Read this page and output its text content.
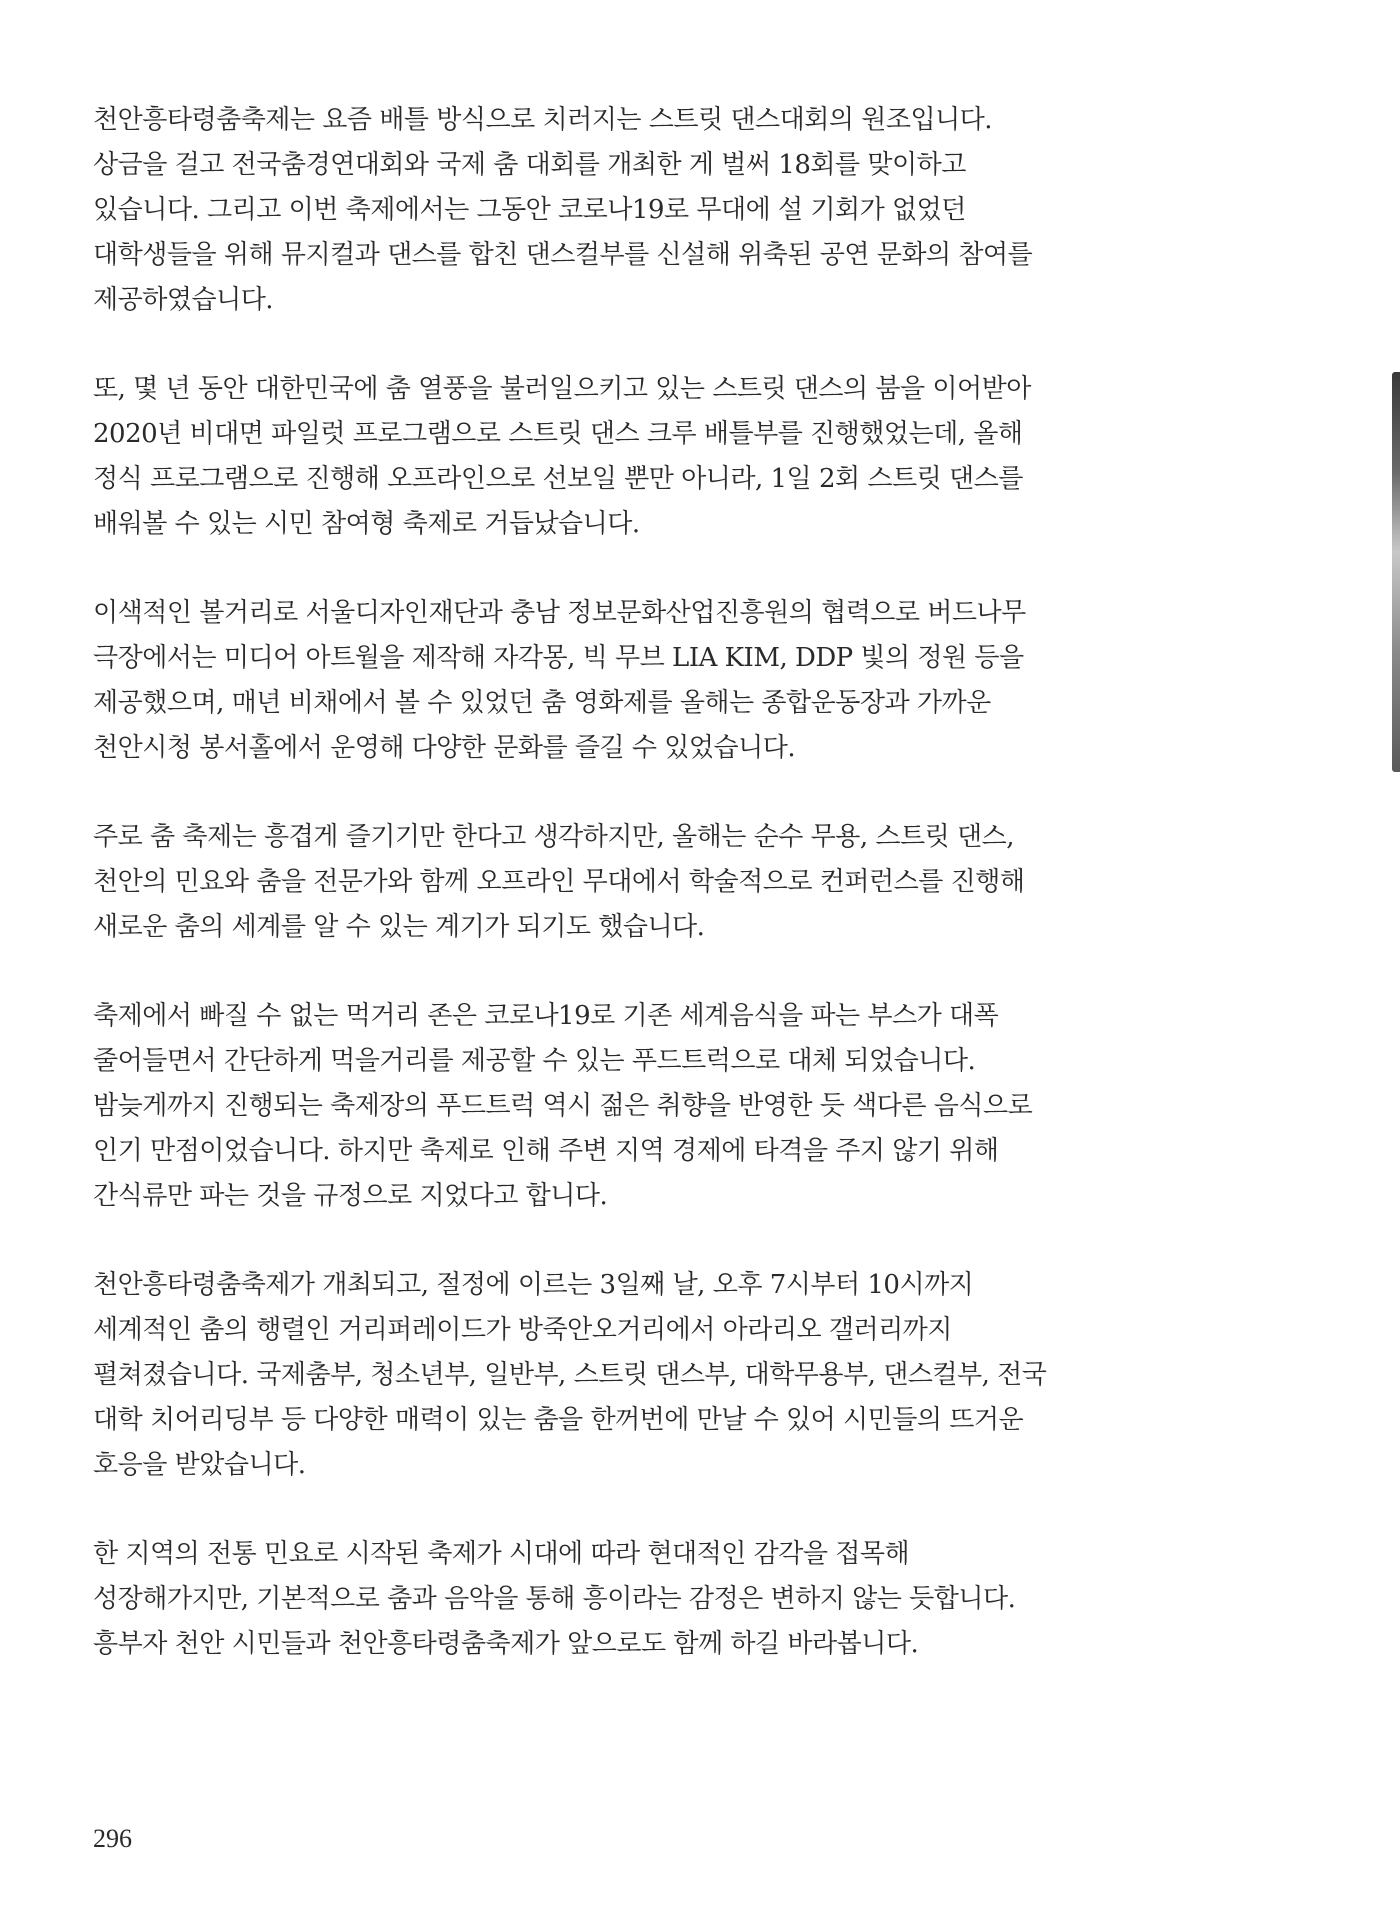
천안흥타령춤축제는 요즘 배틀 방식으로 치러지는 스트릿 댄스대회의 원조입니다.
상금을 걸고 전국춤경연대회와 국제 춤 대회를 개최한 게 벌써 18회를 맞이하고
있습니다. 그리고 이번 축제에서는 그동안 코로나19로 무대에 설 기회가 없었던
대학생들을 위해 뮤지컬과 댄스를 합친 댄스컬부를 신설해 위축된 공연 문화의 참여를
제공하였습니다.
또, 몇 년 동안 대한민국에 춤 열풍을 불러일으키고 있는 스트릿 댄스의 붐을 이어받아
2020년 비대면 파일럿 프로그램으로 스트릿 댄스 크루 배틀부를 진행했었는데, 올해
정식 프로그램으로 진행해 오프라인으로 선보일 뿐만 아니라, 1일 2회 스트릿 댄스를
배워볼 수 있는 시민 참여형 축제로 거듭났습니다.
이색적인 볼거리로 서울디자인재단과 충남 정보문화산업진흥원의 협력으로 버드나무
극장에서는 미디어 아트월을 제작해 자각몽, 빅 무브 LIA KIM, DDP 빛의 정원 등을
제공했으며, 매년 비채에서 볼 수 있었던 춤 영화제를 올해는 종합운동장과 가까운
천안시청 봉서홀에서 운영해 다양한 문화를 즐길 수 있었습니다.
주로 춤 축제는 흥겹게 즐기기만 한다고 생각하지만, 올해는 순수 무용, 스트릿 댄스,
천안의 민요와 춤을 전문가와 함께 오프라인 무대에서 학술적으로 컨퍼런스를 진행해
새로운 춤의 세계를 알 수 있는 계기가 되기도 했습니다.
축제에서 빠질 수 없는 먹거리 존은 코로나19로 기존 세계음식을 파는 부스가 대폭
줄어들면서 간단하게 먹을거리를 제공할 수 있는 푸드트럭으로 대체 되었습니다.
밤늦게까지 진행되는 축제장의 푸드트럭 역시 젊은 취향을 반영한 듯 색다른 음식으로
인기 만점이었습니다. 하지만 축제로 인해 주변 지역 경제에 타격을 주지 않기 위해
간식류만 파는 것을 규정으로 지었다고 합니다.
천안흥타령춤축제가 개최되고, 절정에 이르는 3일째 날, 오후 7시부터 10시까지
세계적인 춤의 행렬인 거리퍼레이드가 방죽안오거리에서 아라리오 갤러리까지
펼쳐졌습니다. 국제춤부, 청소년부, 일반부, 스트릿 댄스부, 대학무용부, 댄스컬부, 전국
대학 치어리딩부 등 다양한 매력이 있는 춤을 한꺼번에 만날 수 있어 시민들의 뜨거운
호응을 받았습니다.
한 지역의 전통 민요로 시작된 축제가 시대에 따라 현대적인 감각을 접목해
성장해가지만, 기본적으로 춤과 음악을 통해 흥이라는 감정은 변하지 않는 듯합니다.
흥부자 천안 시민들과 천안흥타령춤축제가 앞으로도 함께 하길 바라봅니다.
296
